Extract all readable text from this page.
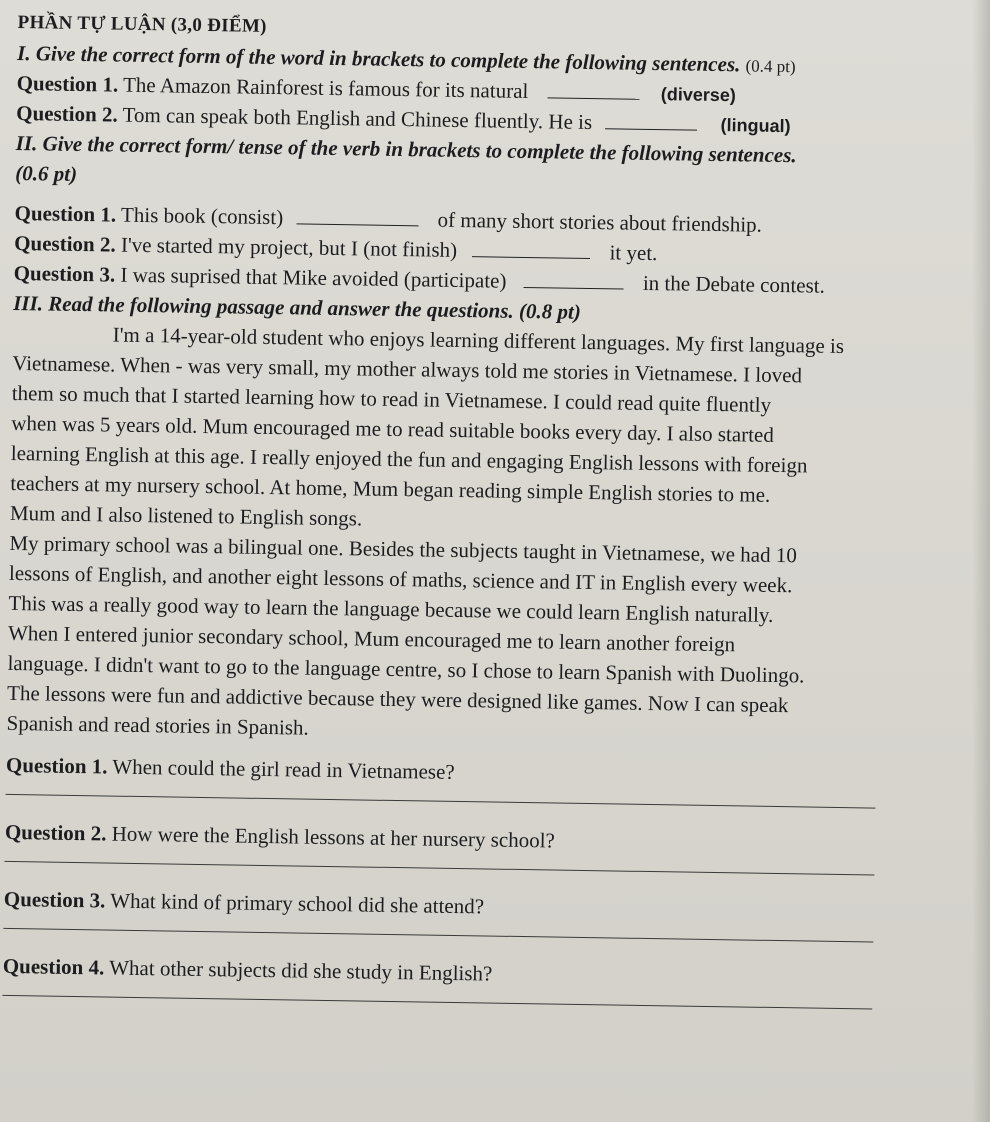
PHẦN TỰ LUẬN (3,0 ĐIỂM)
I. Give the correct form of the word in brackets to complete the following sentences. (0.4 pt)
Question 1. The Amazon Rainforest is famous for its natural	(diverse)
Question 2. Tom can speak both English and Chinese fluently. He is	(lingual)
II. Give the correct form/ tense of the verb in brackets to complete the following sentences.
(0.6 pt)
Question 1. This book (consist)	of many short stories about friendship.
Question 2. I've started my project, but I (not finish)	it yet.
Question 3. I was suprised that Mike avoided (participate)	in the Debate contest.
III. Read the following passage and answer the questions. (0.8 pt)
I'm a 14-year-old student who enjoys learning different languages. My first language is
Vietnamese. When - was very small, my mother always told me stories in Vietnamese. I loved
them so much that I started learning how to read in Vietnamese. I could read quite fluently
when was 5 years old. Mum encouraged me to read suitable books every day. I also started
learning English at this age. I really enjoyed the fun and engaging English lessons with foreign
teachers at my nursery school. At home, Mum began reading simple English stories to me.
Mum and I also listened to English songs.
My primary school was a bilingual one. Besides the subjects taught in Vietnamese, we had 10
lessons of English, and another eight lessons of maths, science and IT in English every week.
This was a really good way to learn the language because we could learn English naturally.
When I entered junior secondary school, Mum encouraged me to learn another foreign
language. I didn't want to go to the language centre, so I chose to learn Spanish with Duolingo.
The lessons were fun and addictive because they were designed like games. Now I can speak
Spanish and read stories in Spanish.
Question 1. When could the girl read in Vietnamese?
Question 2. How were the English lessons at her nursery school?
Question 3. What kind of primary school did she attend?
Question 4. What other subjects did she study in English?
